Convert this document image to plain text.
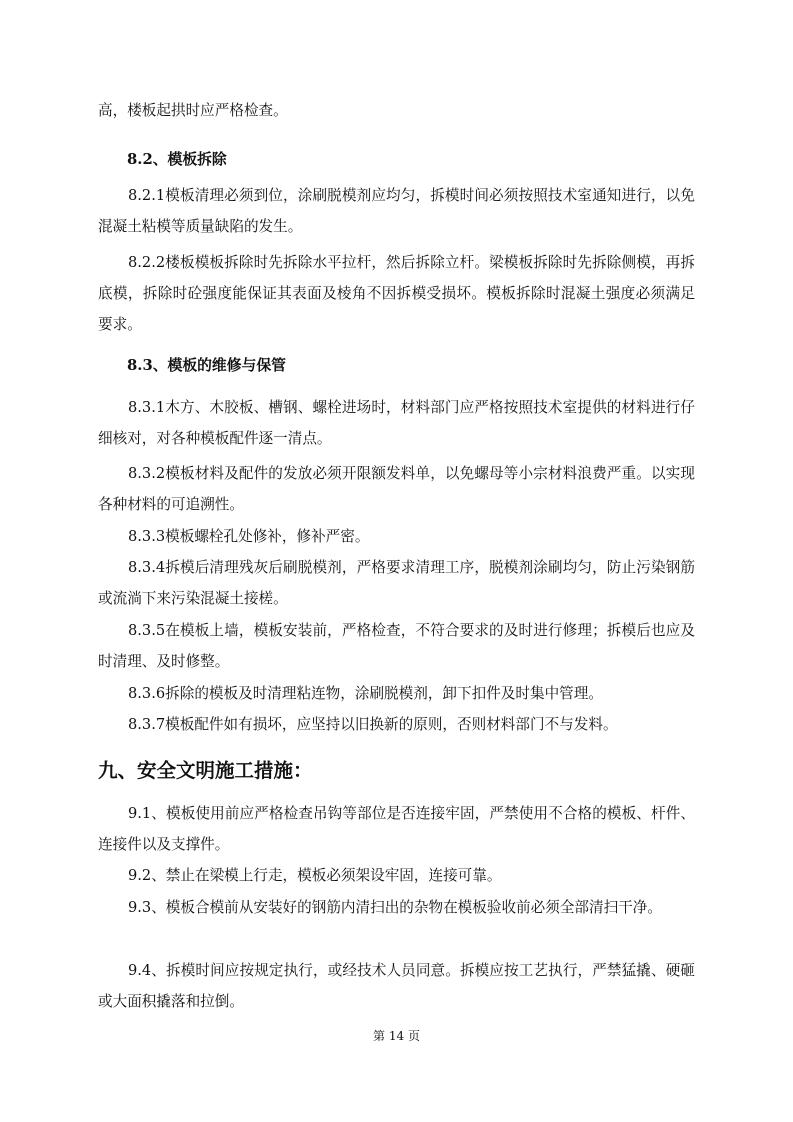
高，楼板起拱时应严格检查。

8.2、模板拆除

8.2.1模板清理必须到位，涂刷脱模剂应均匀，拆模时间必须按照技术室通知进行，以免混凝土粘模等质量缺陷的发生。

8.2.2楼板模板拆除时先拆除水平拉杆，然后拆除立杆。梁模板拆除时先拆除侧模，再拆底模，拆除时砼强度能保证其表面及棱角不因拆模受损坏。模板拆除时混凝土强度必须满足要求。

8.3、模板的维修与保管

8.3.1木方、木胶板、槽钢、螺栓进场时，材料部门应严格按照技术室提供的材料进行仔细核对，对各种模板配件逐一清点。

8.3.2模板材料及配件的发放必须开限额发料单，以免螺母等小宗材料浪费严重。以实现各种材料的可追溯性。

8.3.3模板螺栓孔处修补，修补严密。

8.3.4拆模后清理残灰后刷脱模剂，严格要求清理工序，脱模剂涂刷均匀，防止污染钢筋或流淌下来污染混凝土接槎。

8.3.5在模板上墙，模板安装前，严格检查，不符合要求的及时进行修理；拆模后也应及时清理、及时修整。

8.3.6拆除的模板及时清理粘连物，涂刷脱模剂，卸下扣件及时集中管理。

8.3.7模板配件如有损坏，应坚持以旧换新的原则，否则材料部门不与发料。

九、安全文明施工措施：

9.1、模板使用前应严格检查吊钩等部位是否连接牢固，严禁使用不合格的模板、杆件、连接件以及支撑件。

9.2、禁止在梁模上行走，模板必须架设牢固，连接可靠。

9.3、模板合模前从安装好的钢筋内清扫出的杂物在模板验收前必须全部清扫干净。

9.4、拆模时间应按规定执行，或经技术人员同意。拆模应按工艺执行，严禁猛撬、硬砸或大面积撬落和拉倒。

第 14 页
